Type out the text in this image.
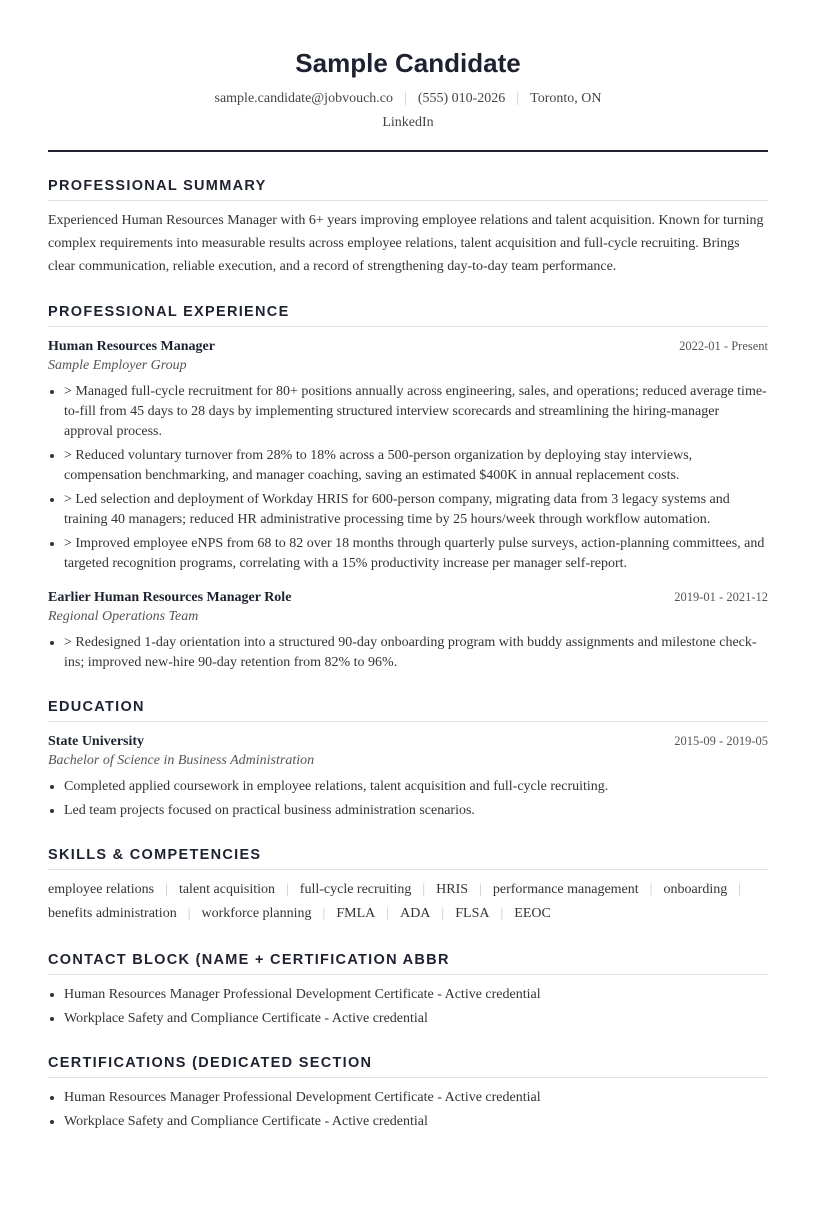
Sample Candidate
sample.candidate@jobvouch.co | (555) 010-2026 | Toronto, ON
LinkedIn
PROFESSIONAL SUMMARY
Experienced Human Resources Manager with 6+ years improving employee relations and talent acquisition. Known for turning complex requirements into measurable results across employee relations, talent acquisition and full-cycle recruiting. Brings clear communication, reliable execution, and a record of strengthening day-to-day team performance.
PROFESSIONAL EXPERIENCE
Human Resources Manager	2022-01 - Present
Sample Employer Group
• > Managed full-cycle recruitment for 80+ positions annually across engineering, sales, and operations; reduced average time-to-fill from 45 days to 28 days by implementing structured interview scorecards and streamlining the hiring-manager approval process.
• > Reduced voluntary turnover from 28% to 18% across a 500-person organization by deploying stay interviews, compensation benchmarking, and manager coaching, saving an estimated $400K in annual replacement costs.
• > Led selection and deployment of Workday HRIS for 600-person company, migrating data from 3 legacy systems and training 40 managers; reduced HR administrative processing time by 25 hours/week through workflow automation.
• > Improved employee eNPS from 68 to 82 over 18 months through quarterly pulse surveys, action-planning committees, and targeted recognition programs, correlating with a 15% productivity increase per manager self-report.
Earlier Human Resources Manager Role	2019-01 - 2021-12
Regional Operations Team
• > Redesigned 1-day orientation into a structured 90-day onboarding program with buddy assignments and milestone check-ins; improved new-hire 90-day retention from 82% to 96%.
EDUCATION
State University	2015-09 - 2019-05
Bachelor of Science in Business Administration
• Completed applied coursework in employee relations, talent acquisition and full-cycle recruiting.
• Led team projects focused on practical business administration scenarios.
SKILLS & COMPETENCIES
employee relations | talent acquisition | full-cycle recruiting | HRIS | performance management | onboarding |
benefits administration | workforce planning | FMLA | ADA | FLSA | EEOC
CONTACT BLOCK (NAME + CERTIFICATION ABBR
• Human Resources Manager Professional Development Certificate - Active credential
• Workplace Safety and Compliance Certificate - Active credential
CERTIFICATIONS (DEDICATED SECTION
• Human Resources Manager Professional Development Certificate - Active credential
• Workplace Safety and Compliance Certificate - Active credential
